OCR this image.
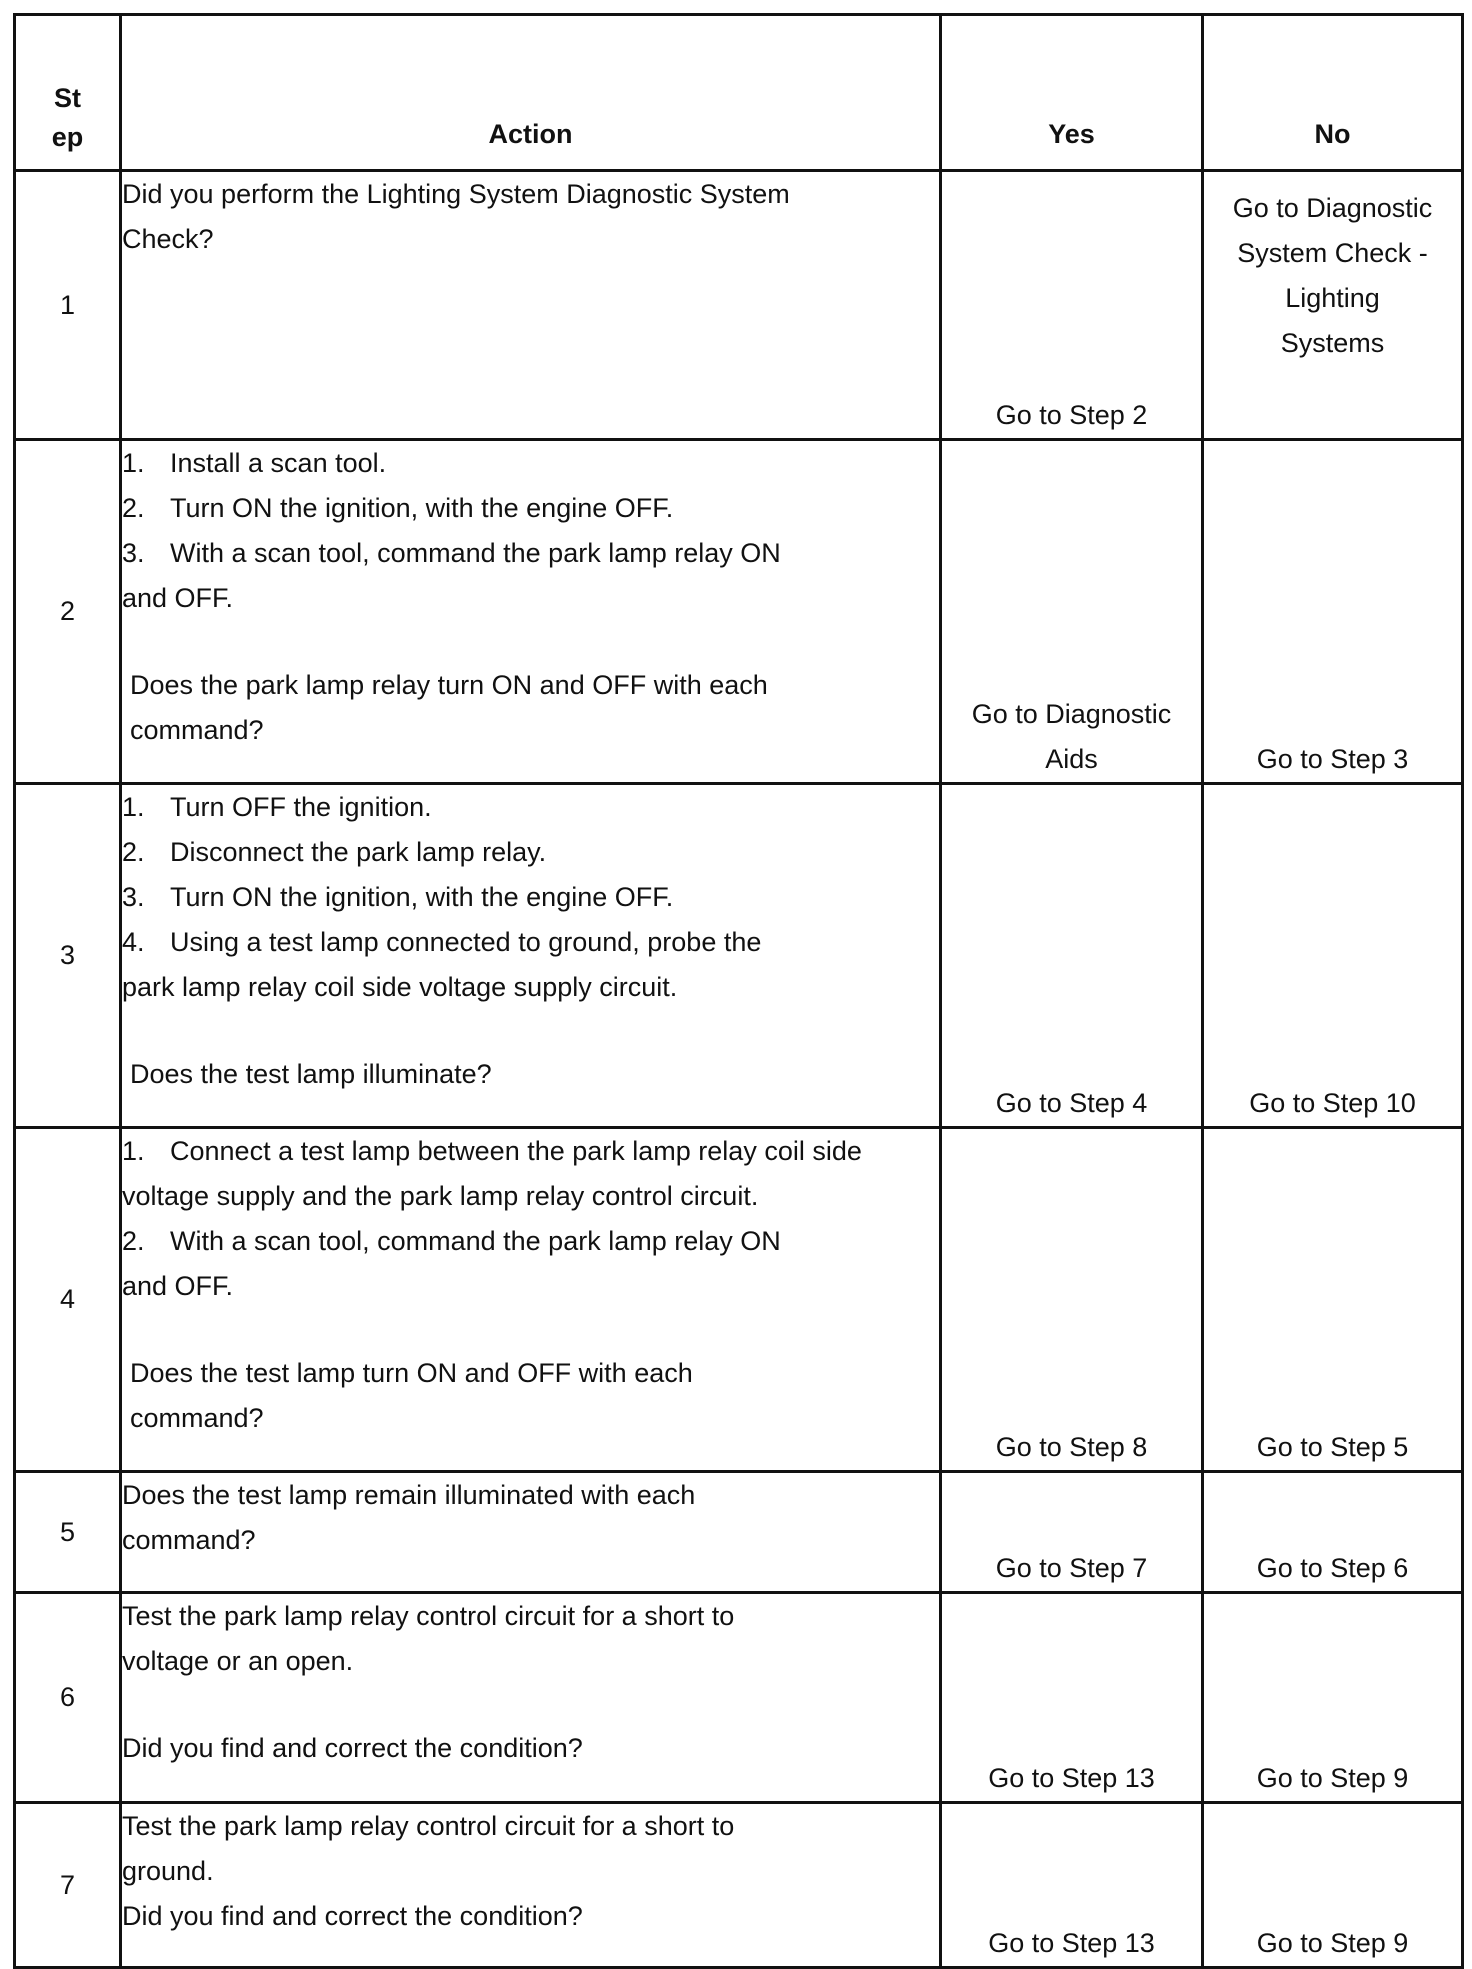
St
ep	Action	Yes	No
1	Did you perform the Lighting System Diagnostic System Check?	Go to Step 2	Go to Diagnostic System Check - Lighting Systems

2	1. Install a scan tool.
2. Turn ON the ignition, with the engine OFF.
3. With a scan tool, command the park lamp relay ON and OFF.
Does the park lamp relay turn ON and OFF with each command?	Go to Diagnostic Aids	Go to Step 3
3	1. Turn OFF the ignition.
2. Disconnect the park lamp relay.
3. Turn ON the ignition, with the engine OFF.
4. Using a test lamp connected to ground, probe the park lamp relay coil side voltage supply circuit.
Does the test lamp illuminate?	Go to Step 4	Go to Step 10
4	1. Connect a test lamp between the park lamp relay coil side voltage supply and the park lamp relay control circuit.
2. With a scan tool, command the park lamp relay ON and OFF.
Does the test lamp turn ON and OFF with each command?	Go to Step 8	Go to Step 5
5	Does the test lamp remain illuminated with each command?	Go to Step 7	Go to Step 6
6	Test the park lamp relay control circuit for a short to voltage or an open.
Did you find and correct the condition?	Go to Step 13	Go to Step 9
7	Test the park lamp relay control circuit for a short to ground.
Did you find and correct the condition?	Go to Step 13	Go to Step 9
